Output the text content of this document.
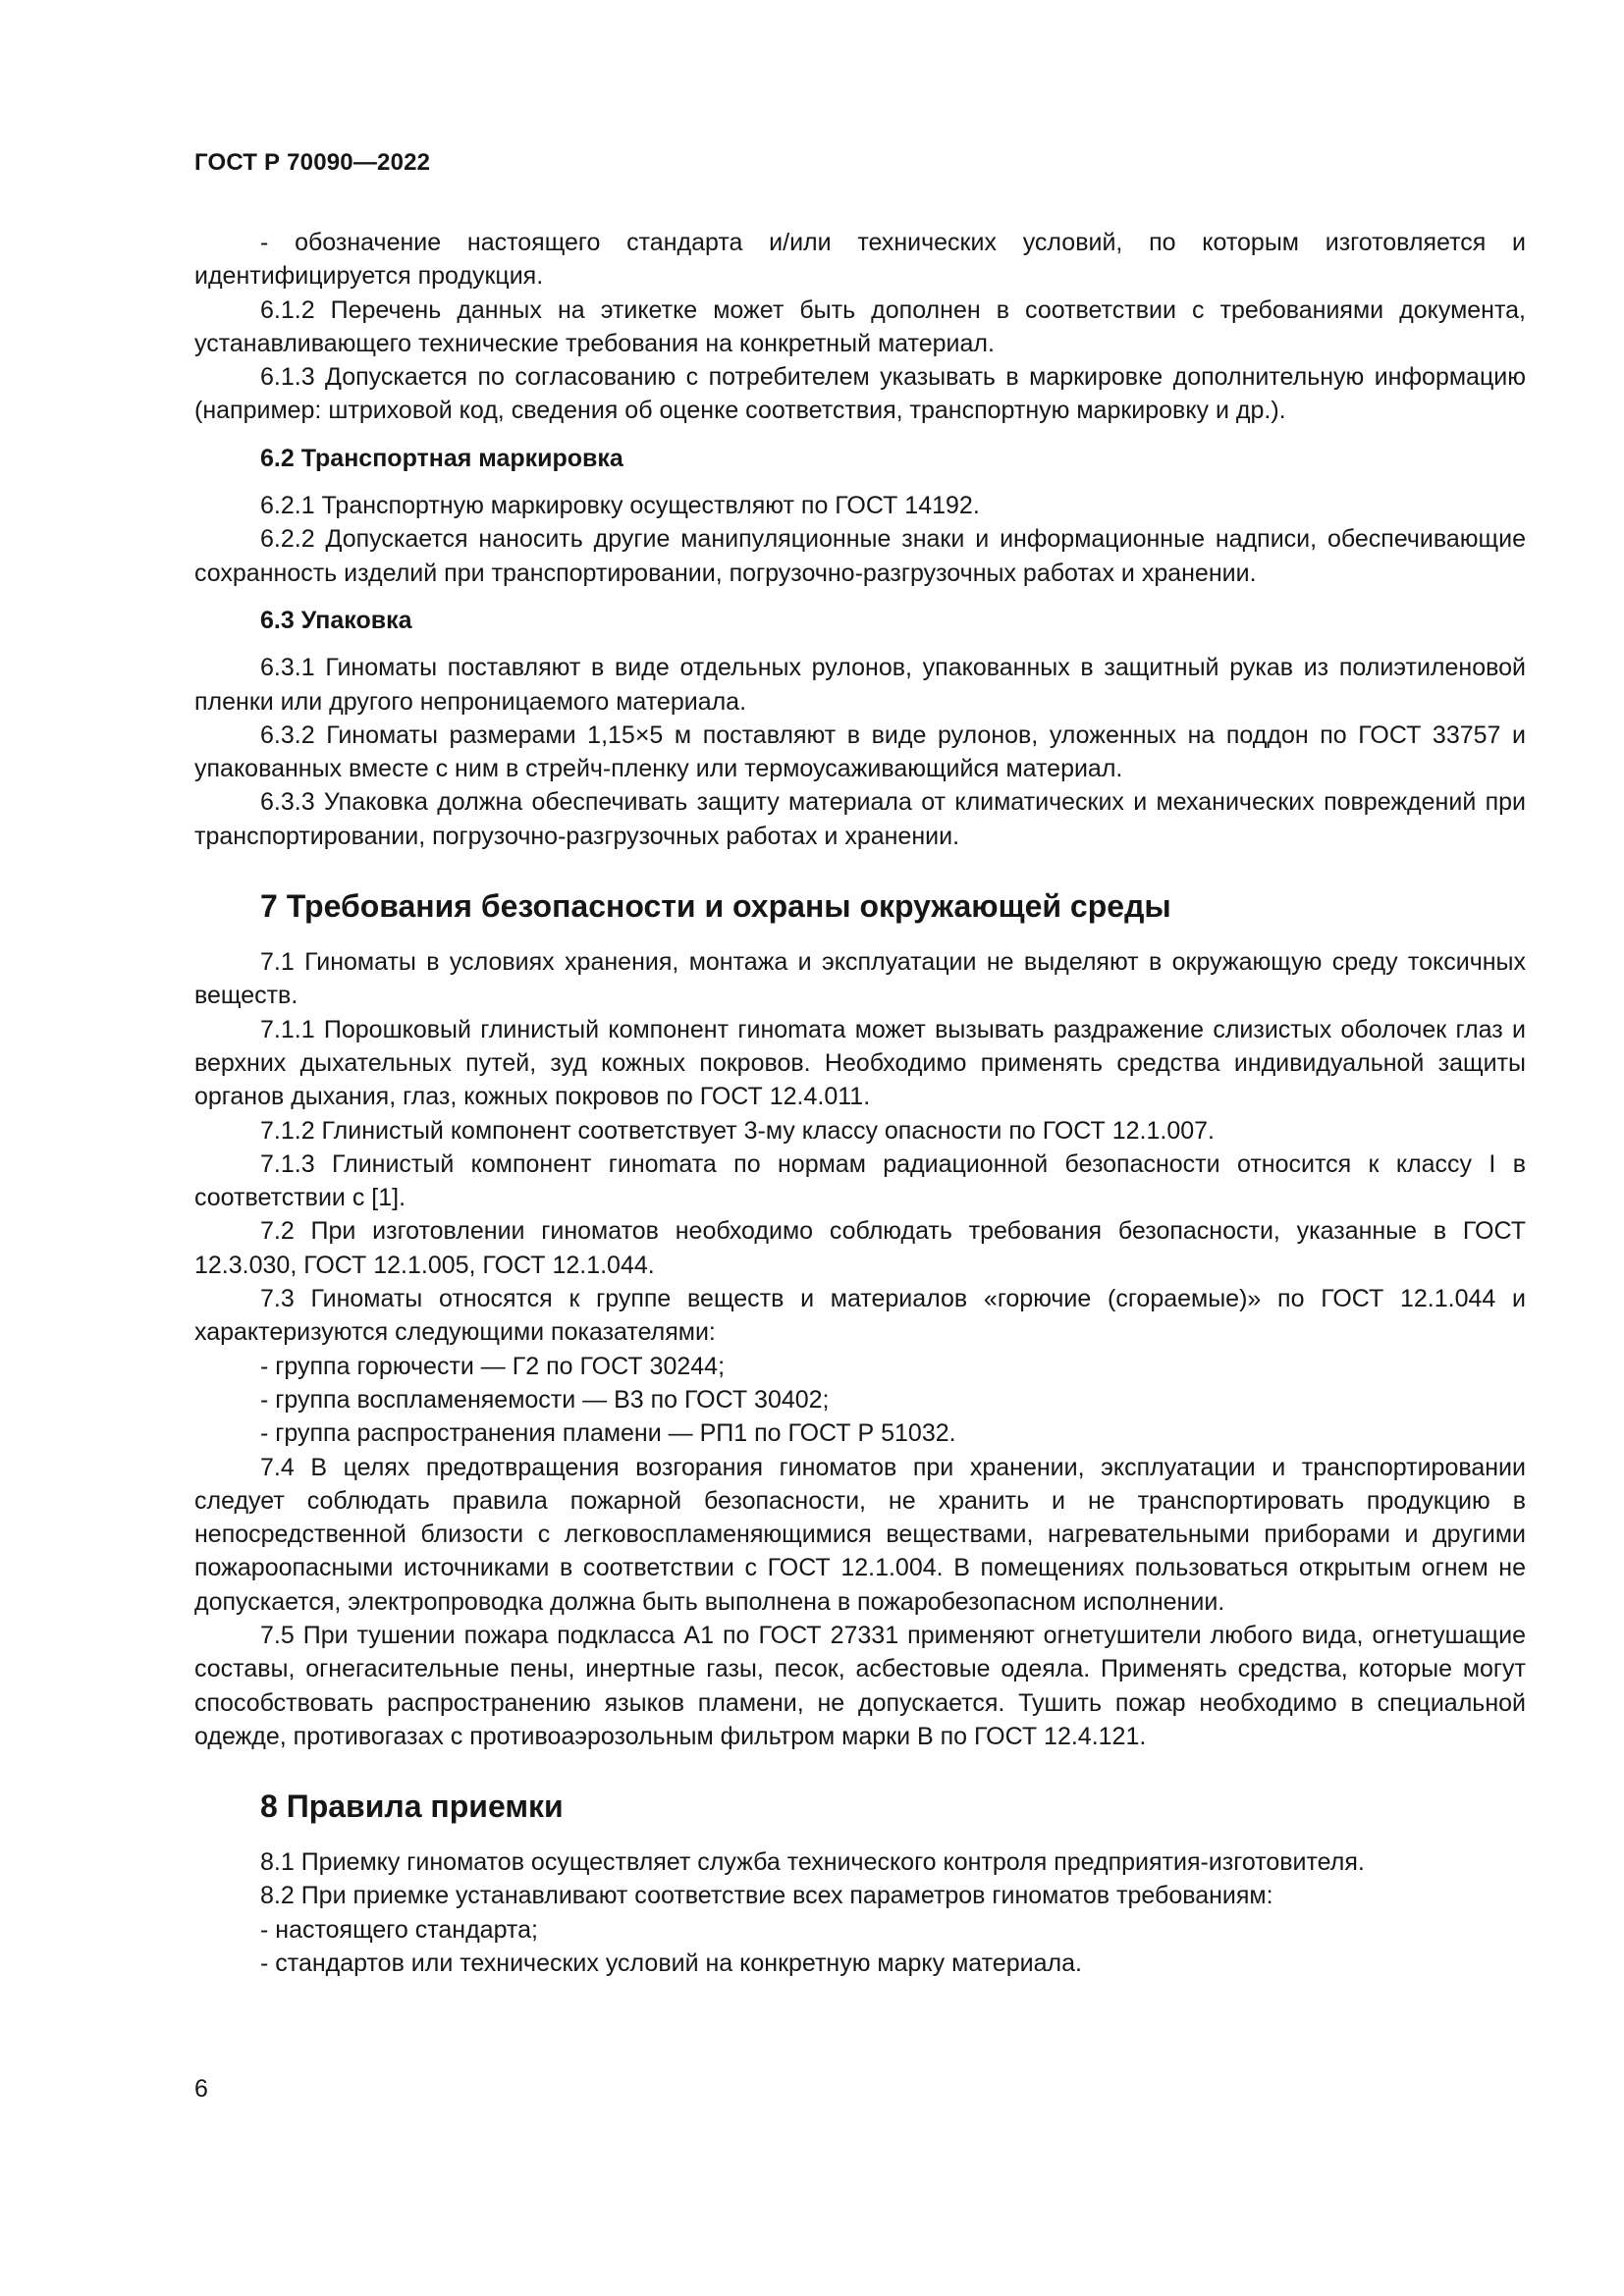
ГОСТ Р 70090—2022

- обозначение настоящего стандарта и/или технических условий, по которым изготовляется и идентифицируется продукция.

6.1.2 Перечень данных на этикетке может быть дополнен в соответствии с требованиями документа, устанавливающего технические требования на конкретный материал.

6.1.3 Допускается по согласованию с потребителем указывать в маркировке дополнительную информацию (например: штриховой код, сведения об оценке соответствия, транспортную маркировку и др.).

6.2 Транспортная маркировка

6.2.1 Транспортную маркировку осуществляют по ГОСТ 14192.

6.2.2 Допускается наносить другие манипуляционные знаки и информационные надписи, обеспечивающие сохранность изделий при транспортировании, погрузочно-разгрузочных работах и хранении.

6.3 Упаковка

6.3.1 Гиноматы поставляют в виде отдельных рулонов, упакованных в защитный рукав из полиэтиленовой пленки или другого непроницаемого материала.

6.3.2 Гиноматы размерами 1,15×5 м поставляют в виде рулонов, уложенных на поддон по ГОСТ 33757 и упакованных вместе с ним в стрейч-пленку или термоусаживающийся материал.

6.3.3 Упаковка должна обеспечивать защиту материала от климатических и механических повреждений при транспортировании, погрузочно-разгрузочных работах и хранении.

7 Требования безопасности и охраны окружающей среды

7.1 Гиноматы в условиях хранения, монтажа и эксплуатации не выделяют в окружающую среду токсичных веществ.

7.1.1 Порошковый глинистый компонент гинomата может вызывать раздражение слизистых оболочек глаз и верхних дыхательных путей, зуд кожных покровов. Необходимо применять средства индивидуальной защиты органов дыхания, глаз, кожных покровов по ГОСТ 12.4.011.

7.1.2 Глинистый компонент соответствует 3-му классу опасности по ГОСТ 12.1.007.

7.1.3 Глинистый компонент гинomата по нормам радиационной безопасности относится к классу I в соответствии с [1].

7.2 При изготовлении гиноматов необходимо соблюдать требования безопасности, указанные в ГОСТ 12.3.030, ГОСТ 12.1.005, ГОСТ 12.1.044.

7.3 Гиноматы относятся к группе веществ и материалов «горючие (сгораемые)» по ГОСТ 12.1.044 и характеризуются следующими показателями:

- группа горючести — Г2 по ГОСТ 30244;

- группа воспламеняемости — В3 по ГОСТ 30402;

- группа распространения пламени — РП1 по ГОСТ Р 51032.

7.4 В целях предотвращения возгорания гиноматов при хранении, эксплуатации и транспортировании следует соблюдать правила пожарной безопасности, не хранить и не транспортировать продукцию в непосредственной близости с легковоспламеняющимися веществами, нагревательными приборами и другими пожароопасными источниками в соответствии с ГОСТ 12.1.004. В помещениях пользоваться открытым огнем не допускается, электропроводка должна быть выполнена в пожаробезопасном исполнении.

7.5 При тушении пожара подкласса А1 по ГОСТ 27331 применяют огнетушители любого вида, огнетушащие составы, огнегасительные пены, инертные газы, песок, асбестовые одеяла. Применять средства, которые могут способствовать распространению языков пламени, не допускается. Тушить пожар необходимо в специальной одежде, противогазах с противоаэрозольным фильтром марки В по ГОСТ 12.4.121.

8 Правила приемки

8.1 Приемку гиноматов осуществляет служба технического контроля предприятия-изготовителя.

8.2 При приемке устанавливают соответствие всех параметров гиноматов требованиям:

- настоящего стандарта;

- стандартов или технических условий на конкретную марку материала.

6
